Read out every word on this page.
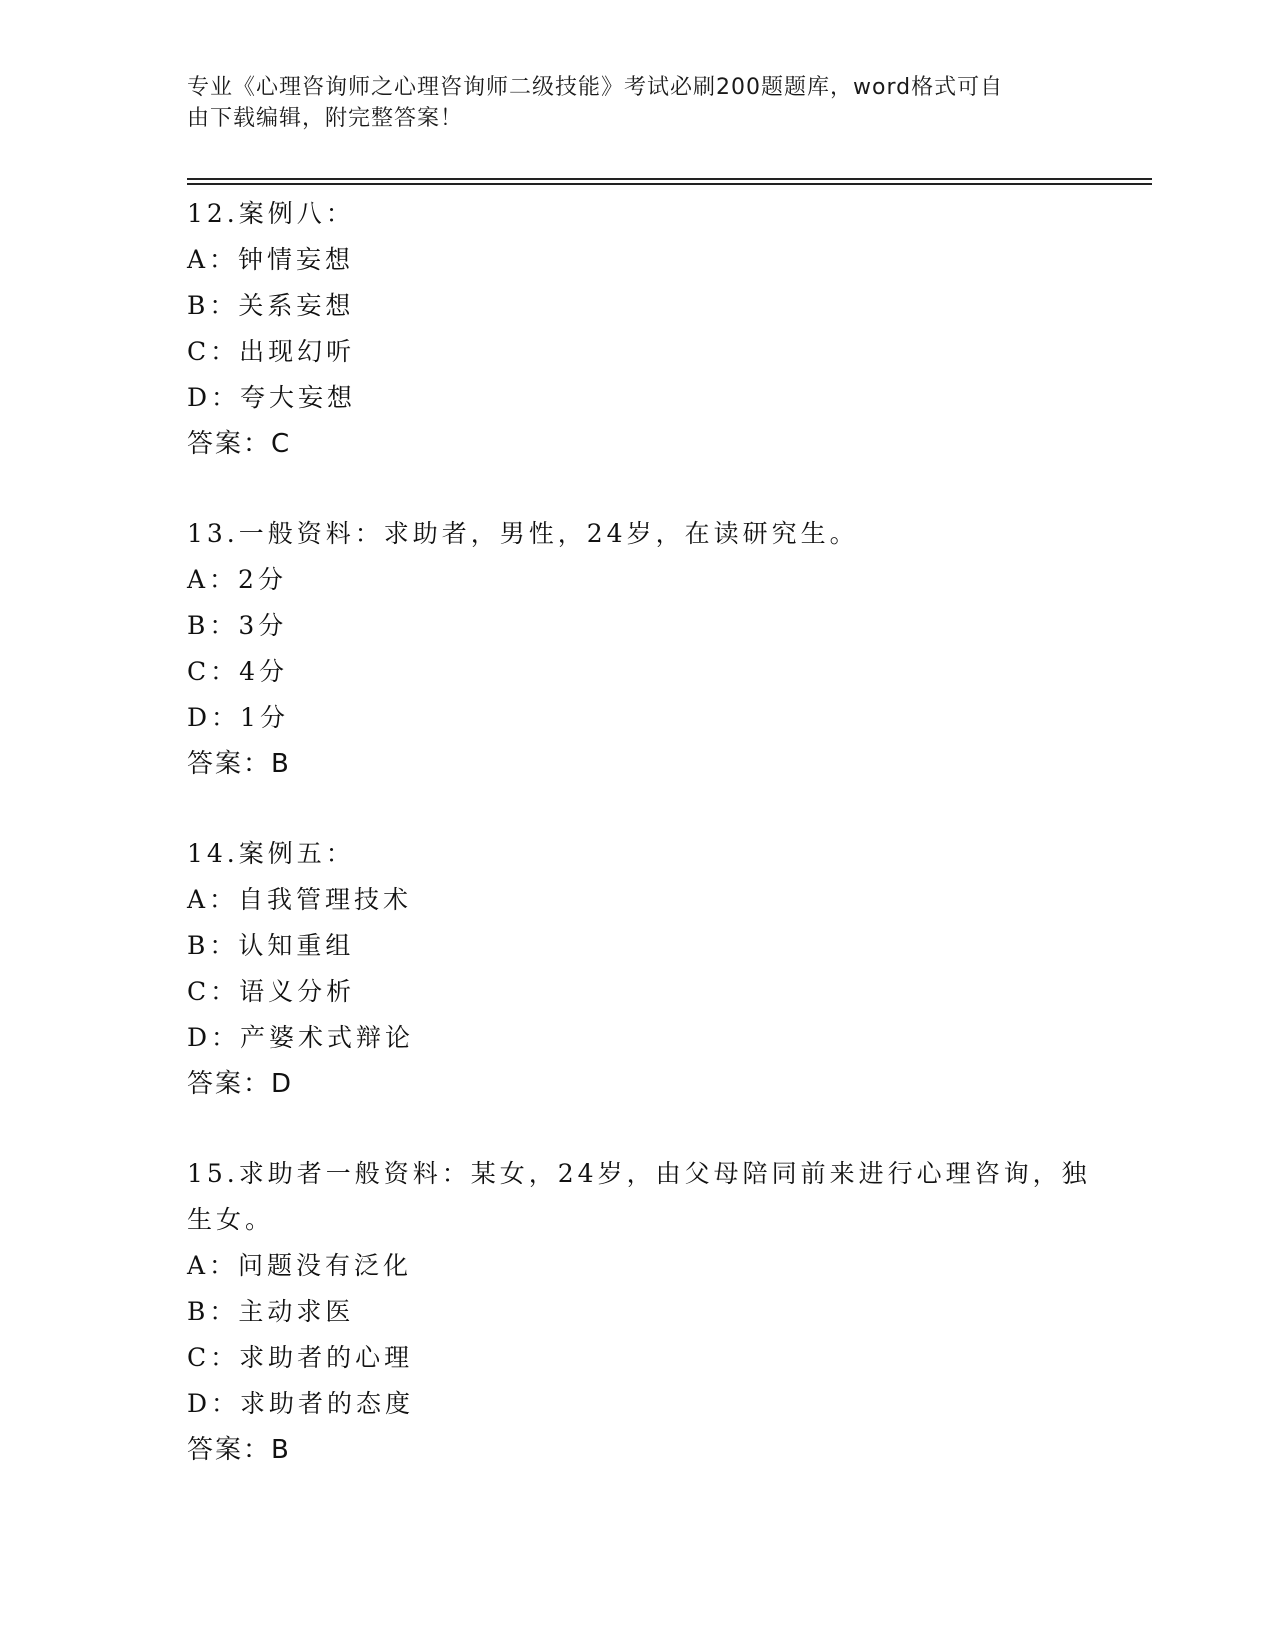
专业《心理咨询师之心理咨询师二级技能》考试必刷200题题库，word格式可自
由下载编辑，附完整答案！
12.案例八：
A：钟情妄想
B：关系妄想
C：出现幻听
D：夸大妄想
答案：C
13.一般资料：求助者，男性，24岁，在读研究生。
A：2分
B：3分
C：4分
D：1分
答案：B
14.案例五：
A：自我管理技术
B：认知重组
C：语义分析
D：产婆术式辩论
答案：D
15.求助者一般资料：某女，24岁，由父母陪同前来进行心理咨询，独
生女。
A：问题没有泛化
B：主动求医
C：求助者的心理
D：求助者的态度
答案：B
